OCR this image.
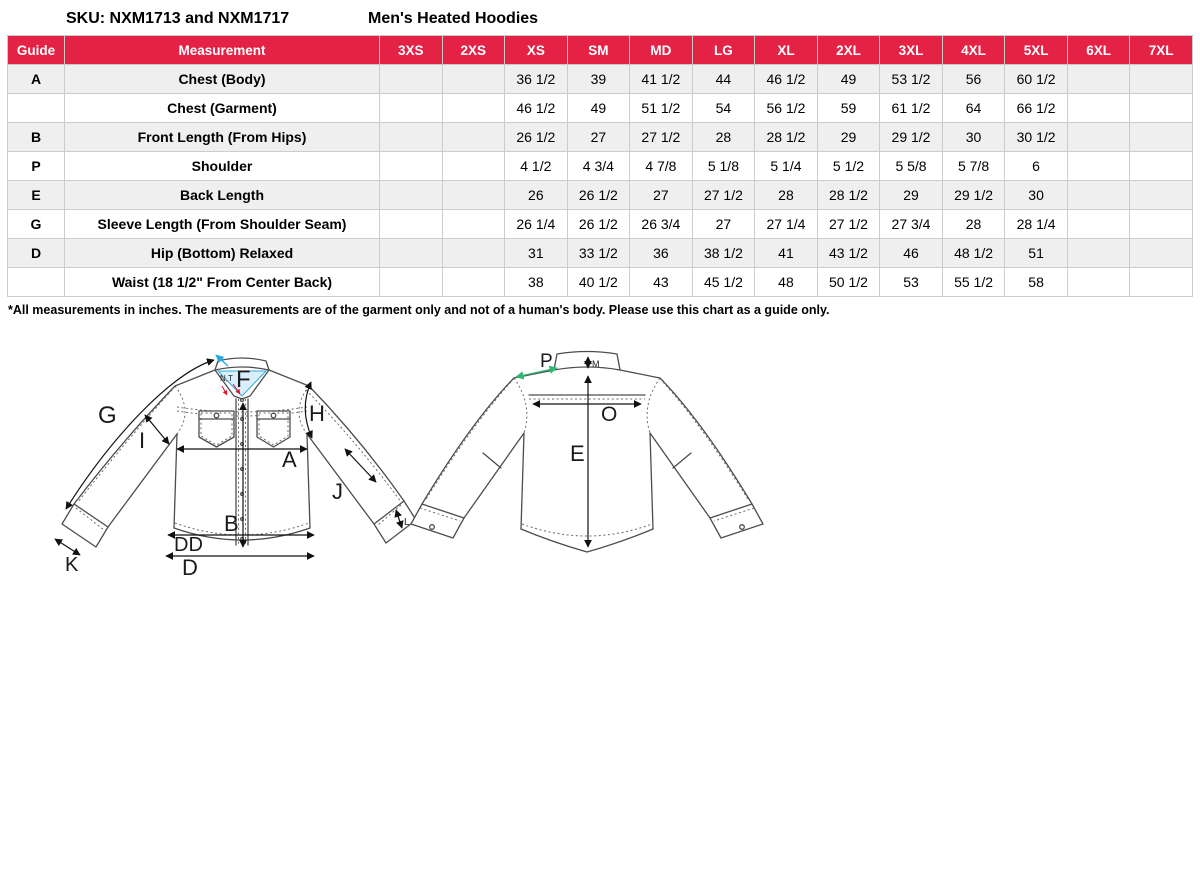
SKU: NXM1713 and NXM1717	Men's Heated Hoodies
Guide	Measurement	3XS	2XS	XS	SM	MD	LG	XL	2XL	3XL	4XL	5XL	6XL	7XL
A	Chest (Body)			36 1/2	39	41 1/2	44	46 1/2	49	53 1/2	56	60 1/2		
	Chest (Garment)			46 1/2	49	51 1/2	54	56 1/2	59	61 1/2	64	66 1/2		
B	Front Length (From Hips)			26 1/2	27	27 1/2	28	28 1/2	29	29 1/2	30	30 1/2		
P	Shoulder			4 1/2	4 3/4	4 7/8	5 1/8	5 1/4	5 1/2	5 5/8	5 7/8	6		
E	Back Length			26	26 1/2	27	27 1/2	28	28 1/2	29	29 1/2	30		
G	Sleeve Length (From Shoulder Seam)			26 1/4	26 1/2	26 3/4	27	27 1/4	27 1/2	27 3/4	28	28 1/4		
D	Hip (Bottom) Relaxed			31	33 1/2	36	38 1/2	41	43 1/2	46	48 1/2	51		
	Waist (18 1/2" From Center Back)			38	40 1/2	43	45 1/2	48	50 1/2	53	55 1/2	58		
*All measurements in inches. The measurements are of the garment only and not of a human's body. Please use this chart as a guide only.
F
N,T
G
I
H
A
J
B
K
DD
D
L
P	M
O
E
